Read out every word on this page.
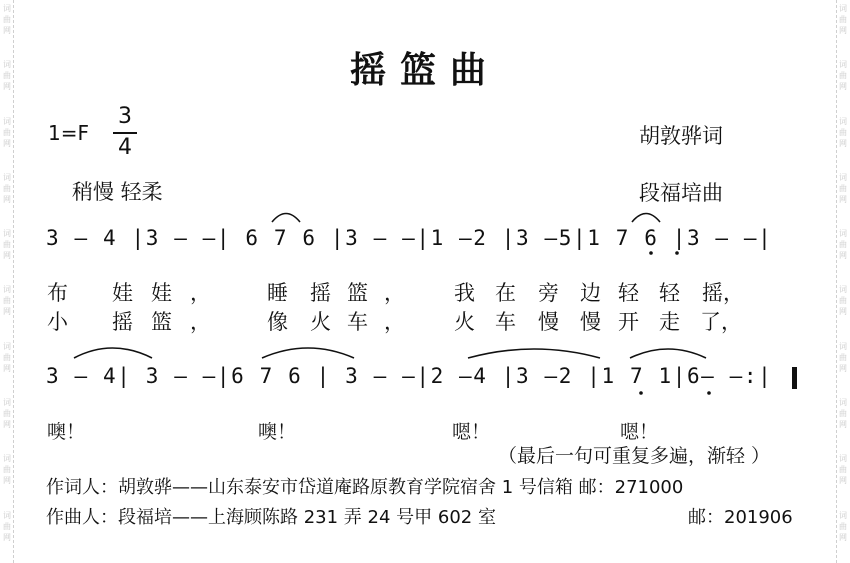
词
曲
网
词
曲
网
词
曲
网
词
曲
网
词
曲
网
词
曲
网
词
曲
网
词
曲
网
词
曲
网
词
曲
网
词
曲
网
词
曲
网
词
曲
网
词
曲
网
词
曲
网
词
曲
网
词
曲
网
词
曲
网
词
曲
网
词
曲
网
摇篮曲
1=F
3
4
稍慢 轻柔
胡敦骅词
段福培曲
3 — 4 |3 — —| 6 7 6 |3 — —|1 —2 |3 —5|1 7 6 |3 — —|
3 — 4| 3 — —|6 7 6 | 3 — —|2 —4 |3 —2 |1 7 1|6— —:|
布 娃娃， 睡 摇篮， 我 在 旁 边 轻 轻 摇，
小 摇篮， 像 火车， 火 车 慢 慢 开 走 了，
噢！	噢！	嗯！	嗯！
（最后一句可重复多遍，渐轻 ）
作词人：胡敦骅——山东泰安市岱道庵路原教育学院宿舍 1 号信箱 邮：271000
作曲人：段福培——上海顾陈路 231 弄 24 号甲 602 室	邮：201906
